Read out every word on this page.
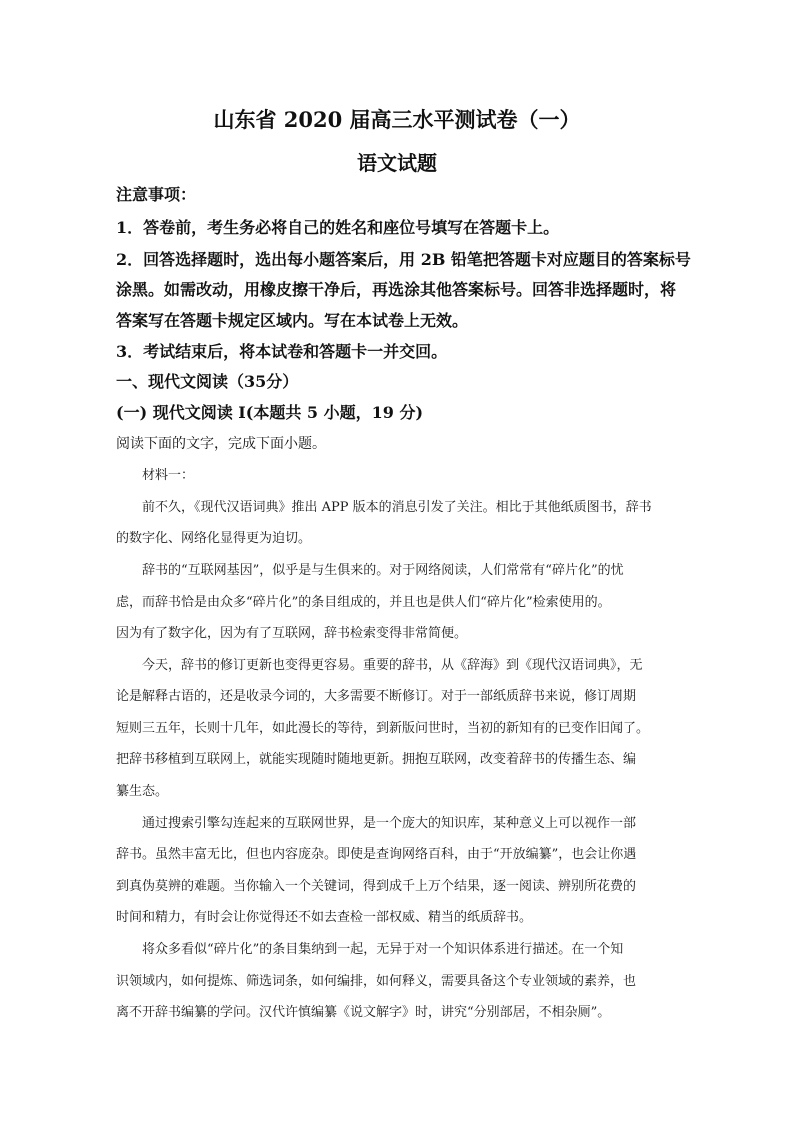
山东省 2020 届高三水平测试卷（一）
语文试题

注意事项：

1．答卷前，考生务必将自己的姓名和座位号填写在答题卡上。

2．回答选择题时，选出每小题答案后，用 2B 铅笔把答题卡对应题目的答案标号

涂黑。如需改动，用橡皮擦干净后，再选涂其他答案标号。回答非选择题时，将

答案写在答题卡规定区域内。写在本试卷上无效。

3．考试结束后，将本试卷和答题卡一并交回。

一、现代文阅读（35分）

(一) 现代文阅读 I(本题共 5 小题，19 分)

阅读下面的文字，完成下面小题。

材料一：

前不久，《现代汉语词典》推出 APP 版本的消息引发了关注。相比于其他纸质图书，辞书

的数字化、网络化显得更为迫切。

辞书的“互联网基因”，似乎是与生俱来的。对于网络阅读，人们常常有“碎片化”的忧

虑，而辞书恰是由众多“碎片化”的条目组成的，并且也是供人们“碎片化”检索使用的。

因为有了数字化，因为有了互联网，辞书检索变得非常简便。

今天，辞书的修订更新也变得更容易。重要的辞书，从《辞海》到《现代汉语词典》，无

论是解释古语的，还是收录今词的，大多需要不断修订。对于一部纸质辞书来说，修订周期

短则三五年，长则十几年，如此漫长的等待，到新版问世时，当初的新知有的已变作旧闻了。

把辞书移植到互联网上，就能实现随时随地更新。拥抱互联网，改变着辞书的传播生态、编

纂生态。

通过搜索引擎勾连起来的互联网世界，是一个庞大的知识库，某种意义上可以视作一部

辞书。虽然丰富无比，但也内容庞杂。即使是查询网络百科，由于“开放编纂”，也会让你遇

到真伪莫辨的难题。当你输入一个关键词，得到成千上万个结果，逐一阅读、辨别所花费的

时间和精力，有时会让你觉得还不如去查检一部权威、精当的纸质辞书。

将众多看似“碎片化”的条目集纳到一起，无异于对一个知识体系进行描述。在一个知

识领域内，如何提炼、筛选词条，如何编排，如何释义，需要具备这个专业领域的素养，也

离不开辞书编纂的学问。汉代许慎编纂《说文解字》时，讲究“分别部居，不相杂厕”。
